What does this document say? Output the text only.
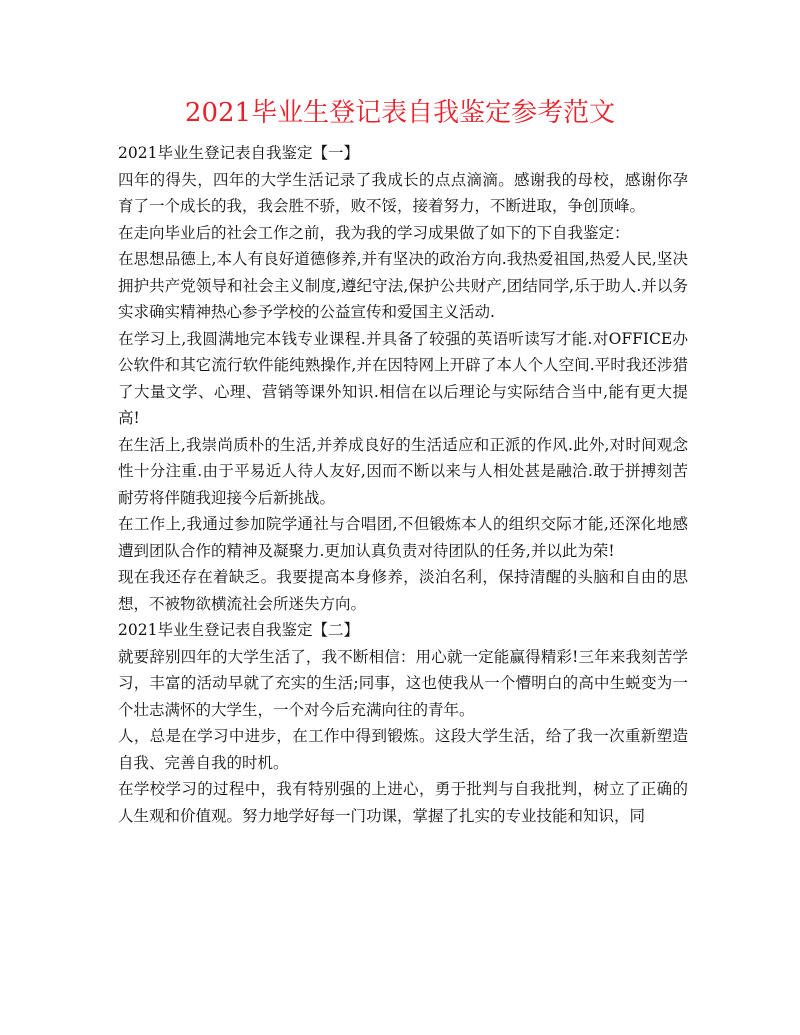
2021毕业生登记表自我鉴定参考范文

2021毕业生登记表自我鉴定【一】

四年的得失，四年的大学生活记录了我成长的点点滴滴。感谢我的母校，感谢你孕育了一个成长的我，我会胜不骄，败不馁，接着努力，不断进取，争创顶峰。

在走向毕业后的社会工作之前，我为我的学习成果做了如下的下自我鉴定：

在思想品德上,本人有良好道德修养,并有坚决的政治方向.我热爱祖国,热爱人民,坚决拥护共产党领导和社会主义制度,遵纪守法,保护公共财产,团结同学,乐于助人.并以务实求确实精神热心参予学校的公益宣传和爱国主义活动.

在学习上,我圆满地完本钱专业课程.并具备了较强的英语听读写才能.对OFFICE办公软件和其它流行软件能纯熟操作,并在因特网上开辟了本人个人空间.平时我还涉猎了大量文学、心理、营销等课外知识.相信在以后理论与实际结合当中,能有更大提高!

在生活上,我崇尚质朴的生活,并养成良好的生活适应和正派的作风.此外,对时间观念性十分注重.由于平易近人待人友好,因而不断以来与人相处甚是融洽.敢于拼搏刻苦耐劳将伴随我迎接今后新挑战。

在工作上,我通过参加院学通社与合唱团,不但锻炼本人的组织交际才能,还深化地感遭到团队合作的精神及凝聚力.更加认真负责对待团队的任务,并以此为荣!

现在我还存在着缺乏。我要提高本身修养，淡泊名利，保持清醒的头脑和自由的思想，不被物欲横流社会所迷失方向。

2021毕业生登记表自我鉴定【二】

就要辞别四年的大学生活了，我不断相信：用心就一定能赢得精彩!三年来我刻苦学习，丰富的活动早就了充实的生活;同事，这也使我从一个懵明白的高中生蜕变为一个壮志满怀的大学生，一个对今后充满向往的青年。

人，总是在学习中进步，在工作中得到锻炼。这段大学生活，给了我一次重新塑造自我、完善自我的时机。

在学校学习的过程中，我有特别强的上进心，勇于批判与自我批判，树立了正确的人生观和价值观。努力地学好每一门功课，掌握了扎实的专业技能和知识，同
